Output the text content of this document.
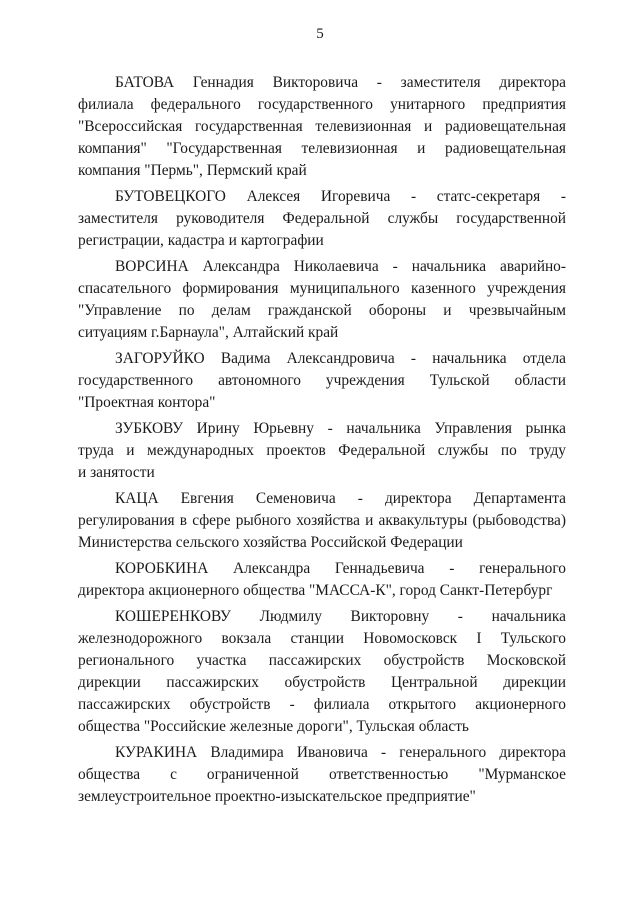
5
БАТОВА Геннадия Викторовича - заместителя директора
филиала федерального государственного унитарного предприятия
"Всероссийская государственная телевизионная и радиовещательная
компания" "Государственная телевизионная и радиовещательная
компания "Пермь", Пермский край
БУТОВЕЦКОГО Алексея Игоревича - статс-секретаря -
заместителя руководителя Федеральной службы государственной
регистрации, кадастра и картографии
ВОРСИНА Александра Николаевича - начальника аварийно-
спасательного формирования муниципального казенного учреждения
"Управление по делам гражданской обороны и чрезвычайным
ситуациям г.Барнаула", Алтайский край
ЗАГОРУЙКО Вадима Александровича - начальника отдела
государственного автономного учреждения Тульской области
"Проектная контора"
ЗУБКОВУ Ирину Юрьевну - начальника Управления рынка
труда и международных проектов Федеральной службы по труду
и занятости
КАЦА Евгения Семеновича - директора Департамента
регулирования в сфере рыбного хозяйства и аквакультуры (рыбоводства)
Министерства сельского хозяйства Российской Федерации
КОРОБКИНА Александра Геннадьевича - генерального
директора акционерного общества "МАССА-К", город Санкт-Петербург
КОШЕРЕНКОВУ Людмилу Викторовну - начальника
железнодорожного вокзала станции Новомосковск I Тульского
регионального участка пассажирских обустройств Московской
дирекции пассажирских обустройств Центральной дирекции
пассажирских обустройств - филиала открытого акционерного
общества "Российские железные дороги", Тульская область
КУРАКИНА Владимира Ивановича - генерального директора
общества с ограниченной ответственностью "Мурманское
землеустроительное проектно-изыскательское предприятие"
